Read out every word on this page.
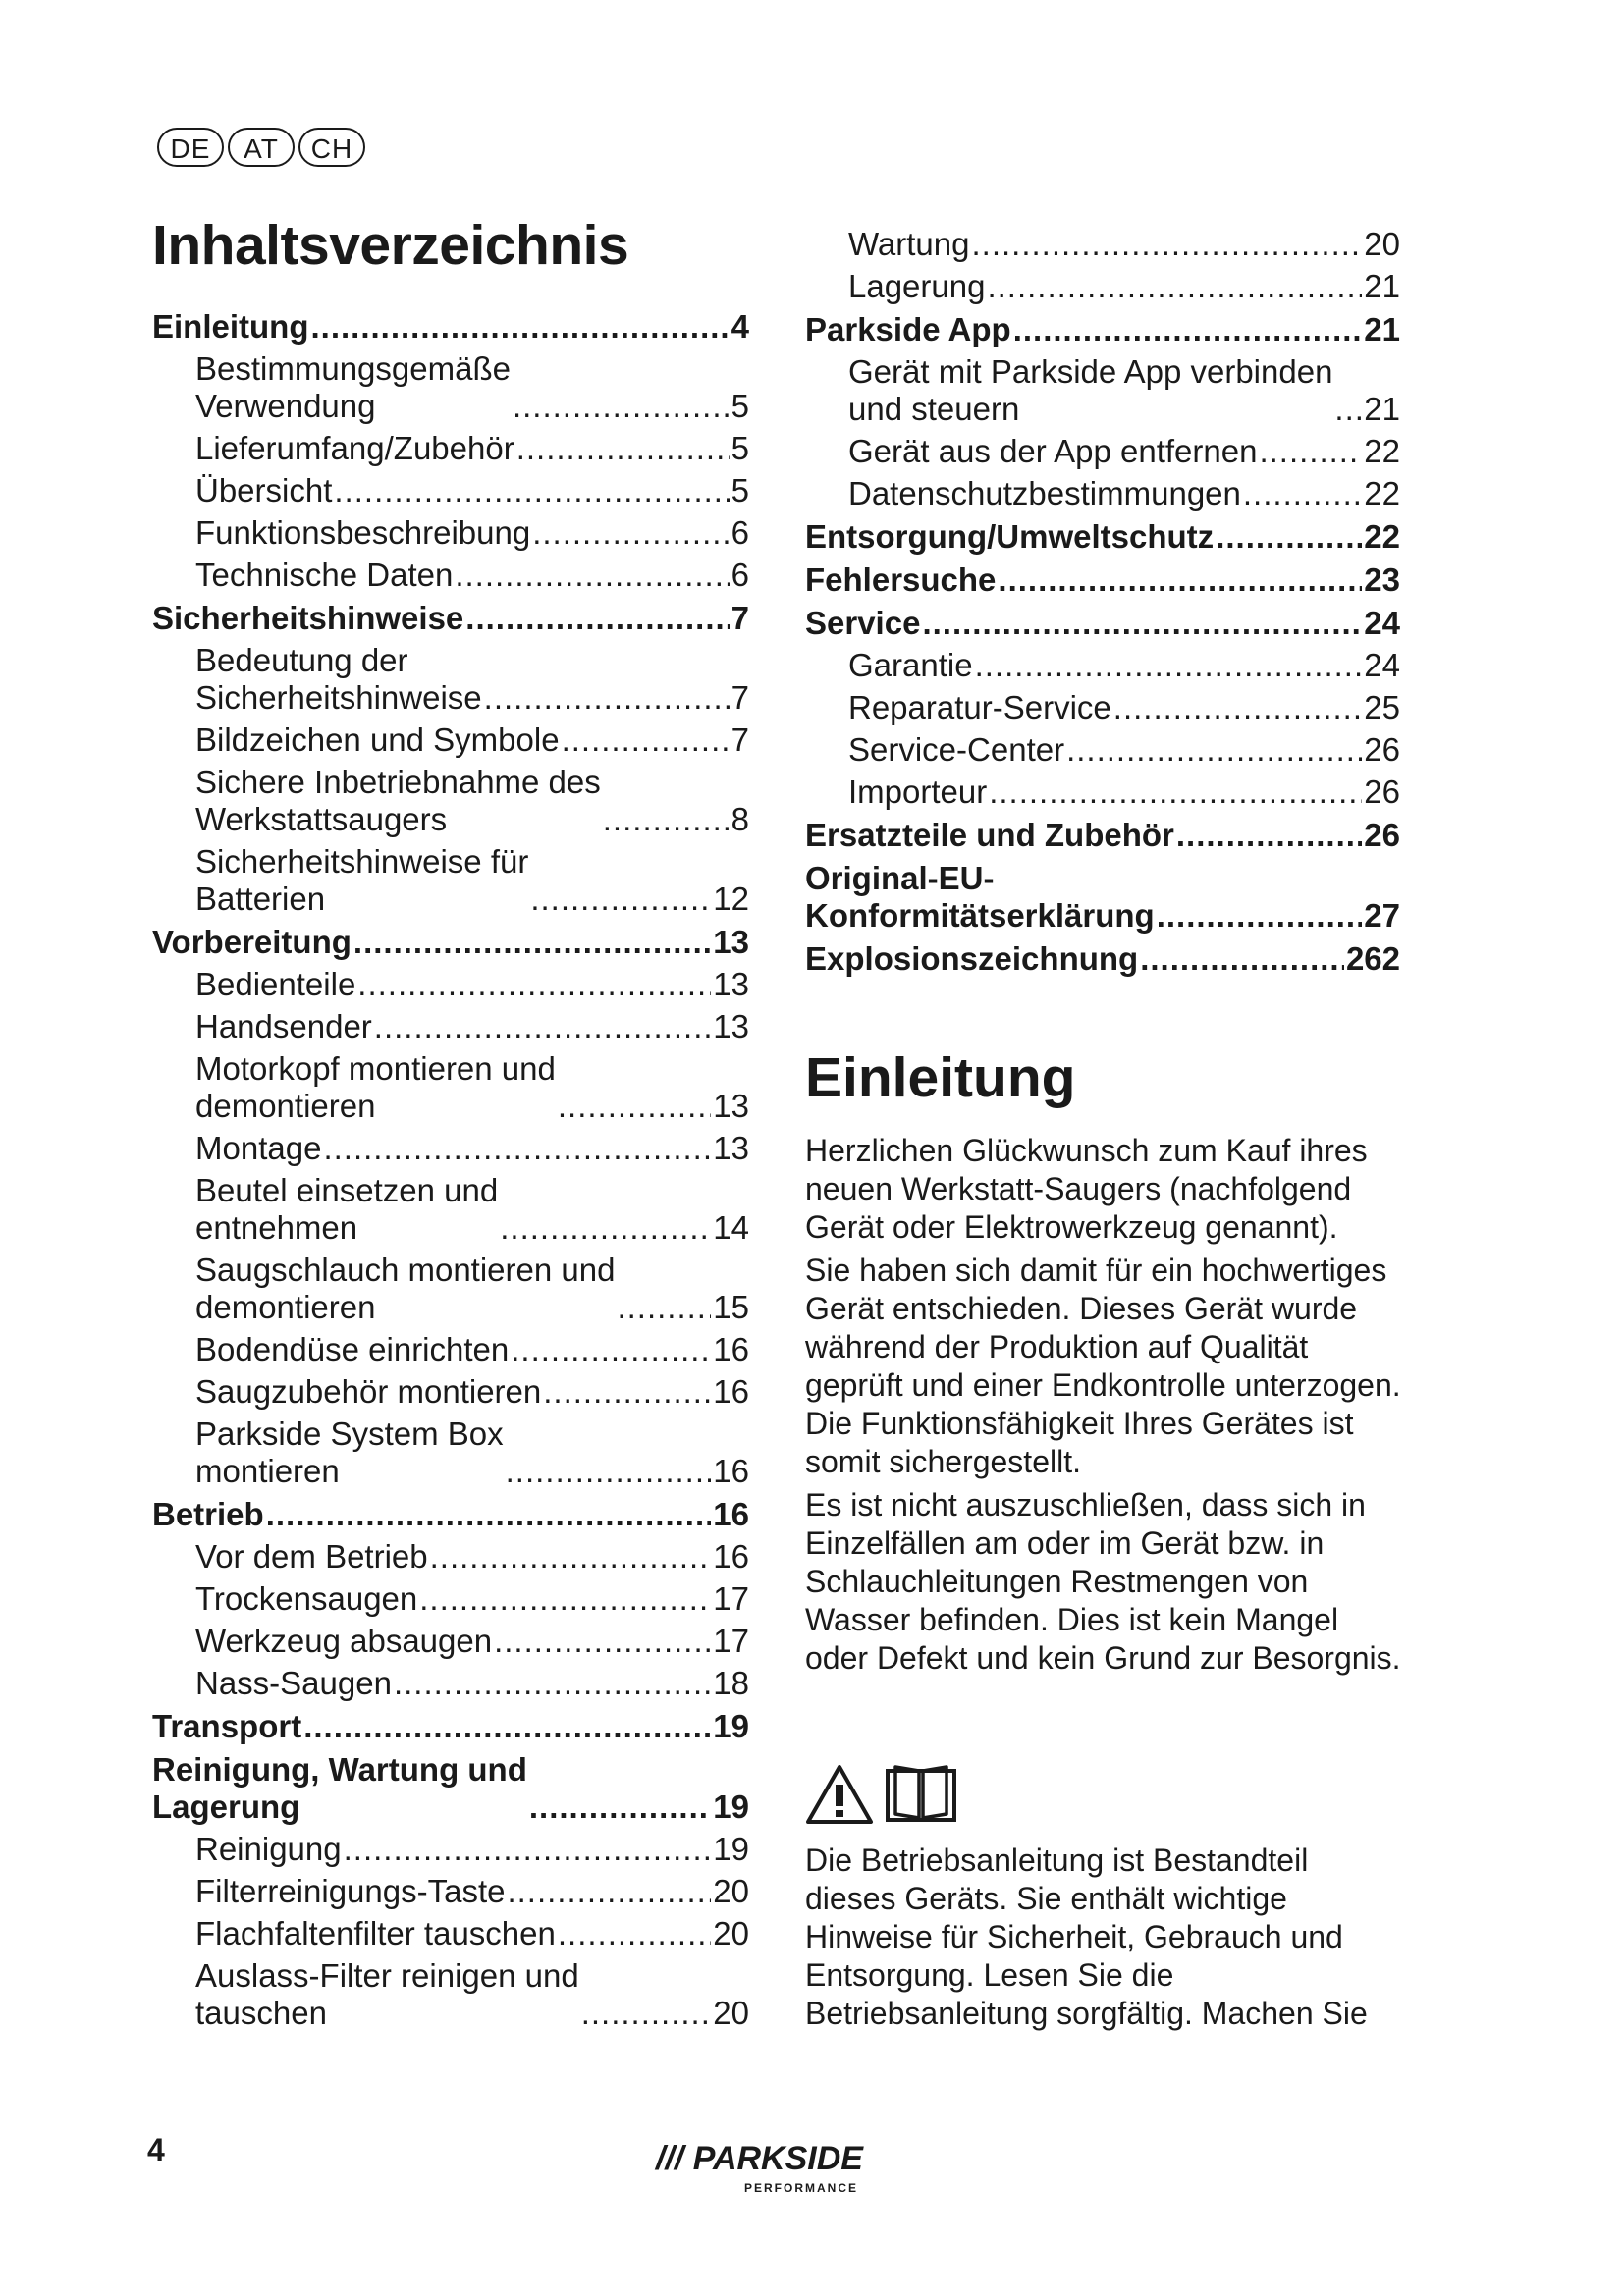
DE	AT	CH
Inhaltsverzeichnis
Einleitung .....	4
Bestimmungsgemäße
Verwendung .....	5
Lieferumfang/Zubehör .....	5
Übersicht .....	5
Funktionsbeschreibung .....	6
Technische Daten .....	6
Sicherheitshinweise .....	7
Bedeutung der
Sicherheitshinweise .....	7
Bildzeichen und Symbole .....	7
Sichere Inbetriebnahme des
Werkstattsaugers .....	8
Sicherheitshinweise für
Batterien .....	12
Vorbereitung .....	13
Bedienteile .....	13
Handsender .....	13
Motorkopf montieren und
demontieren .....	13
Montage .....	13
Beutel einsetzen und
entnehmen .....	14
Saugschlauch montieren und
demontieren .....	15
Bodendüse einrichten .....	16
Saugzubehör montieren .....	16
Parkside System Box
montieren .....	16
Betrieb .....	16
Vor dem Betrieb .....	16
Trockensaugen .....	17
Werkzeug absaugen .....	17
Nass-Saugen .....	18
Transport .....	19
Reinigung, Wartung und
Lagerung .....	19
Reinigung .....	19
Filterreinigungs-Taste .....	20
Flachfaltenfilter tauschen .....	20
Auslass-Filter reinigen und
tauschen .....	20
Wartung .....	20
Lagerung .....	21
Parkside App .....	21
Gerät mit Parkside App verbinden
und steuern .....	21
Gerät aus der App entfernen .....	22
Datenschutzbestimmungen .....	22
Entsorgung/Umweltschutz .....	22
Fehlersuche .....	23
Service .....	24
Garantie .....	24
Reparatur-Service .....	25
Service-Center .....	26
Importeur .....	26
Ersatzteile und Zubehör .....	26
Original-EU-
Konformitätserklärung .....	27
Explosionszeichnung .....	262
Einleitung

Herzlichen Glückwunsch zum Kauf ihres neuen Werkstatt-Saugers (nachfolgend Gerät oder Elektrowerkzeug genannt).

Sie haben sich damit für ein hochwertiges Gerät entschieden. Dieses Gerät wurde während der Produktion auf Qualität geprüft und einer Endkontrolle unterzogen. Die Funktionsfähigkeit Ihres Gerätes ist somit sichergestellt.

Es ist nicht auszuschließen, dass sich in Einzelfällen am oder im Gerät bzw. in Schlauchleitungen Restmengen von Wasser befinden. Dies ist kein Mangel oder Defekt und kein Grund zur Besorgnis.

Die Betriebsanleitung ist Bestandteil dieses Geräts. Sie enthält wichtige Hinweise für Sicherheit, Gebrauch und Entsorgung. Lesen Sie die Betriebsanleitung sorgfältig. Machen Sie

4	/// PARKSIDE
PERFORMANCE
